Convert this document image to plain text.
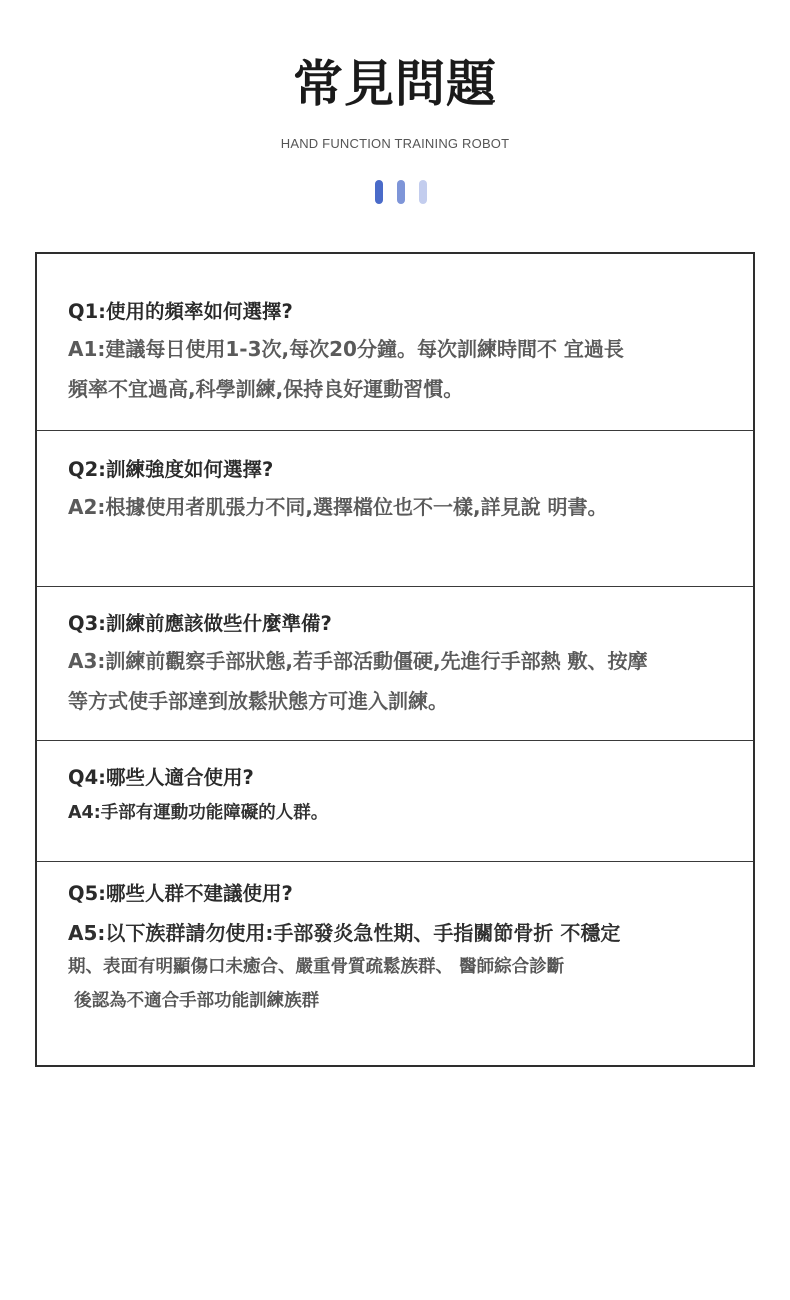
常見問題
HAND FUNCTION TRAINING ROBOT
Q1:使用的頻率如何選擇?
A1:建議每日使用1-3次,每次20分鐘。每次訓練時間不 宜過長
頻率不宜過高,科學訓練,保持良好運動習慣。
Q2:訓練強度如何選擇?
A2:根據使用者肌張力不同,選擇檔位也不一樣,詳見說 明書。
Q3:訓練前應該做些什麼準備?
A3:訓練前觀察手部狀態,若手部活動僵硬,先進行手部熱 敷、按摩
等方式使手部達到放鬆狀態方可進入訓練。
Q4:哪些人適合使用?
A4:手部有運動功能障礙的人群。
Q5:哪些人群不建議使用?
A5:以下族群請勿使用:手部發炎急性期、手指關節骨折 不穩定
期、表面有明顯傷口未癒合、嚴重骨質疏鬆族群、 醫師綜合診斷
後認為不適合手部功能訓練族群
